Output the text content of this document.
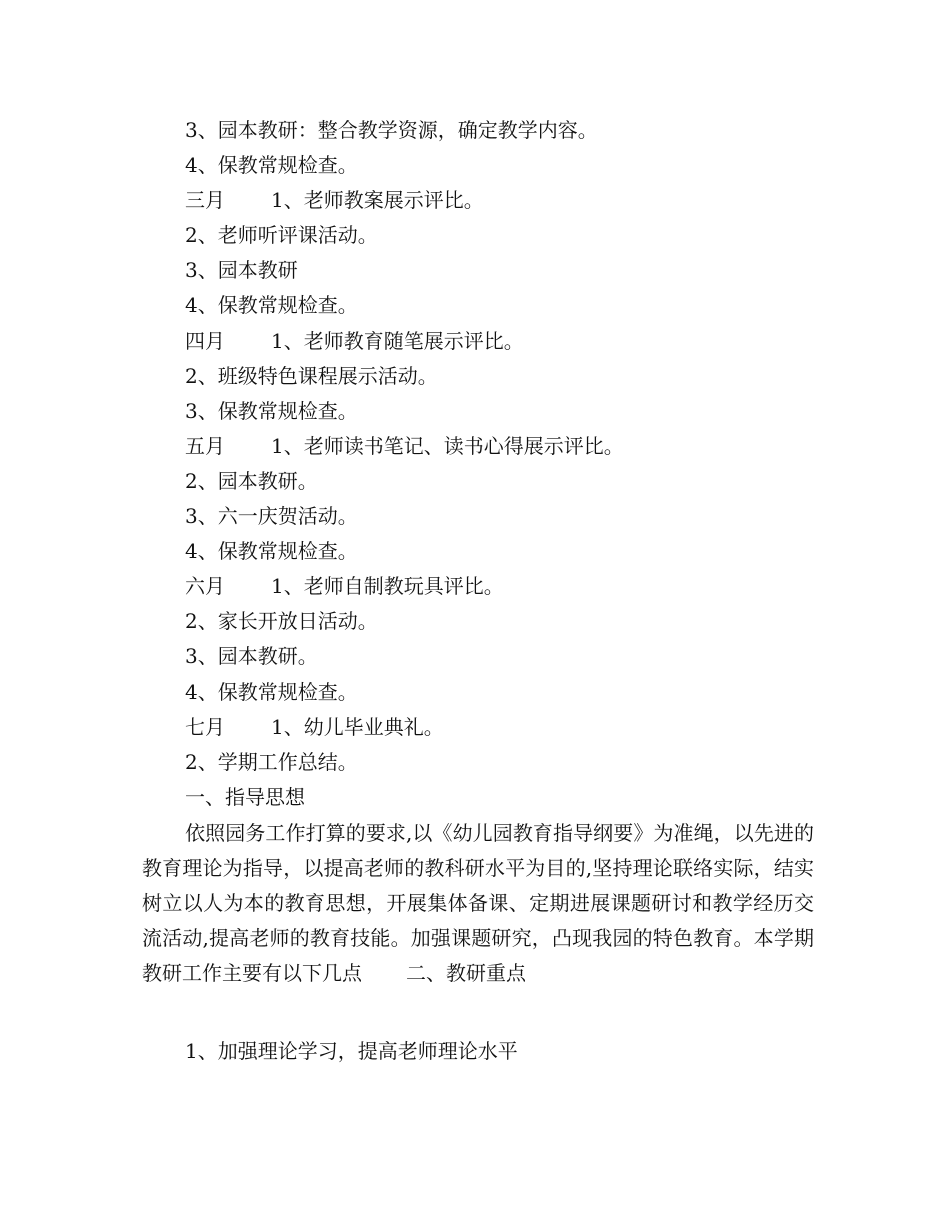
3、园本教研：整合教学资源，确定教学内容。
4、保教常规检查。
三月 1、老师教案展示评比。
2、老师听评课活动。
3、园本教研
4、保教常规检查。
四月 1、老师教育随笔展示评比。
2、班级特色课程展示活动。
3、保教常规检查。
五月 1、老师读书笔记、读书心得展示评比。
2、园本教研。
3、六一庆贺活动。
4、保教常规检查。
六月 1、老师自制教玩具评比。
2、家长开放日活动。
3、园本教研。
4、保教常规检查。
七月 1、幼儿毕业典礼。
2、学期工作总结。
一、指导思想
依照园务工作打算的要求,以《幼儿园教育指导纲要》为准绳，以先进的教育理论为指导，以提高老师的教科研水平为目的,坚持理论联络实际，结实树立以人为本的教育思想，开展集体备课、定期进展课题研讨和教学经历交流活动,提高老师的教育技能。加强课题研究，凸现我园的特色教育。本学期教研工作主要有以下几点 二、教研重点
1、加强理论学习，提高老师理论水平
